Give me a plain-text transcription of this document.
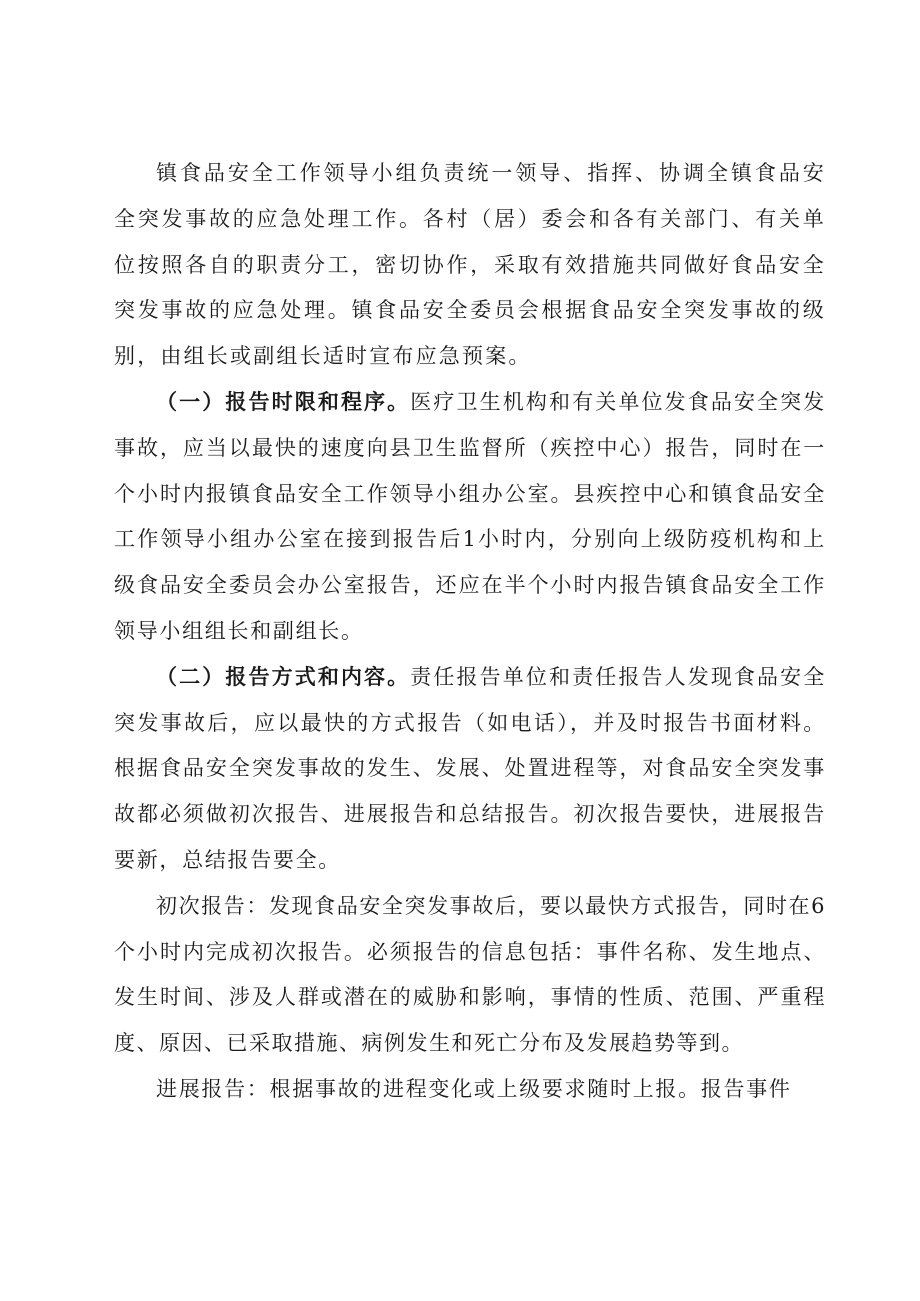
镇食品安全工作领导小组负责统一领导、指挥、协调全镇食品安全突发事故的应急处理工作。各村（居）委会和各有关部门、有关单位按照各自的职责分工，密切协作，采取有效措施共同做好食品安全突发事故的应急处理。镇食品安全委员会根据食品安全突发事故的级别，由组长或副组长适时宣布应急预案。

（一）报告时限和程序。医疗卫生机构和有关单位发食品安全突发事故，应当以最快的速度向县卫生监督所（疾控中心）报告，同时在一个小时内报镇食品安全工作领导小组办公室。县疾控中心和镇食品安全工作领导小组办公室在接到报告后1小时内，分别向上级防疫机构和上级食品安全委员会办公室报告，还应在半个小时内报告镇食品安全工作领导小组组长和副组长。

（二）报告方式和内容。责任报告单位和责任报告人发现食品安全突发事故后，应以最快的方式报告（如电话），并及时报告书面材料。根据食品安全突发事故的发生、发展、处置进程等，对食品安全突发事故都必须做初次报告、进展报告和总结报告。初次报告要快，进展报告要新，总结报告要全。

初次报告：发现食品安全突发事故后，要以最快方式报告，同时在6个小时内完成初次报告。必须报告的信息包括：事件名称、发生地点、发生时间、涉及人群或潜在的威胁和影响，事情的性质、范围、严重程度、原因、已采取措施、病例发生和死亡分布及发展趋势等到。

进展报告：根据事故的进程变化或上级要求随时上报。报告事件
